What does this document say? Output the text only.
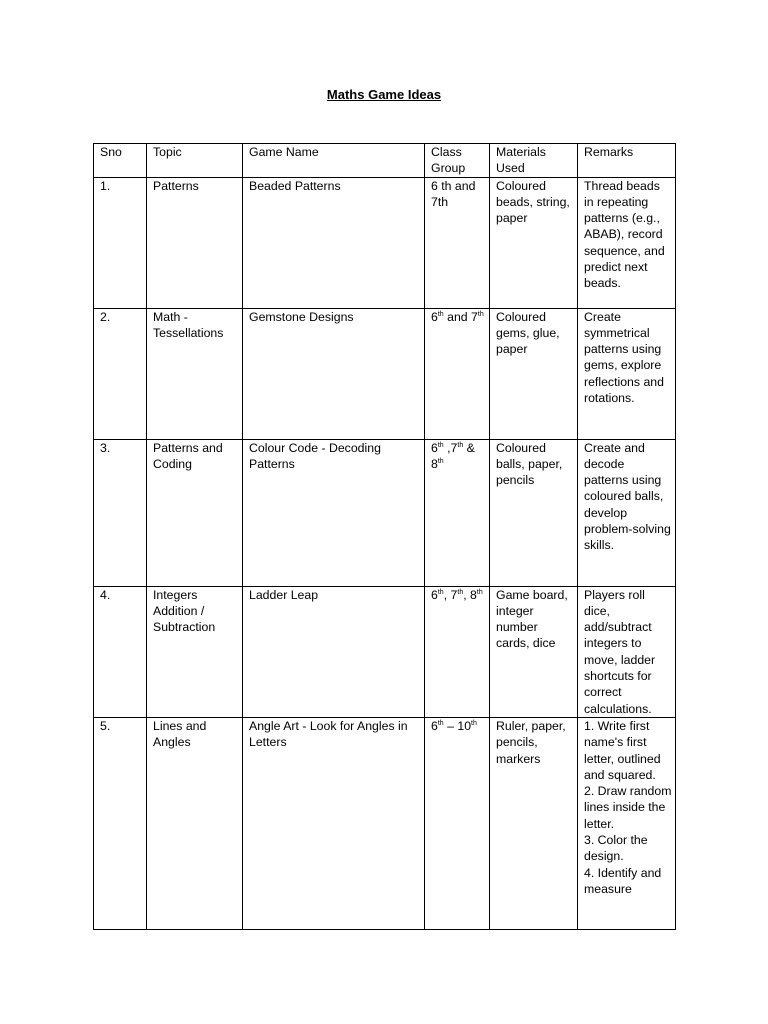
Maths Game Ideas
Sno	Topic	Game Name	Class Group	Materials Used	Remarks
1.	Patterns	Beaded Patterns	6 th and 7th	Coloured beads, string, paper	Thread beads in repeating patterns (e.g., ABAB), record sequence, and predict next beads.
2.	Math - Tessellations	Gemstone Designs	6th and 7th	Coloured gems, glue, paper	Create symmetrical patterns using gems, explore reflections and rotations.
3.	Patterns and Coding	Colour Code - Decoding Patterns	6th ,7th & 8th	Coloured balls, paper, pencils	Create and decode patterns using coloured balls, develop problem-solving skills.
4.	Integers Addition / Subtraction	Ladder Leap	6th, 7th, 8th	Game board, integer number cards, dice	Players roll dice, add/subtract integers to move, ladder shortcuts for correct calculations.
5.	Lines and Angles	Angle Art - Look for Angles in Letters	6th – 10th	Ruler, paper, pencils, markers	1. Write first name's first letter, outlined and squared.
2. Draw random lines inside the letter.
3. Color the design.
4. Identify and measure
